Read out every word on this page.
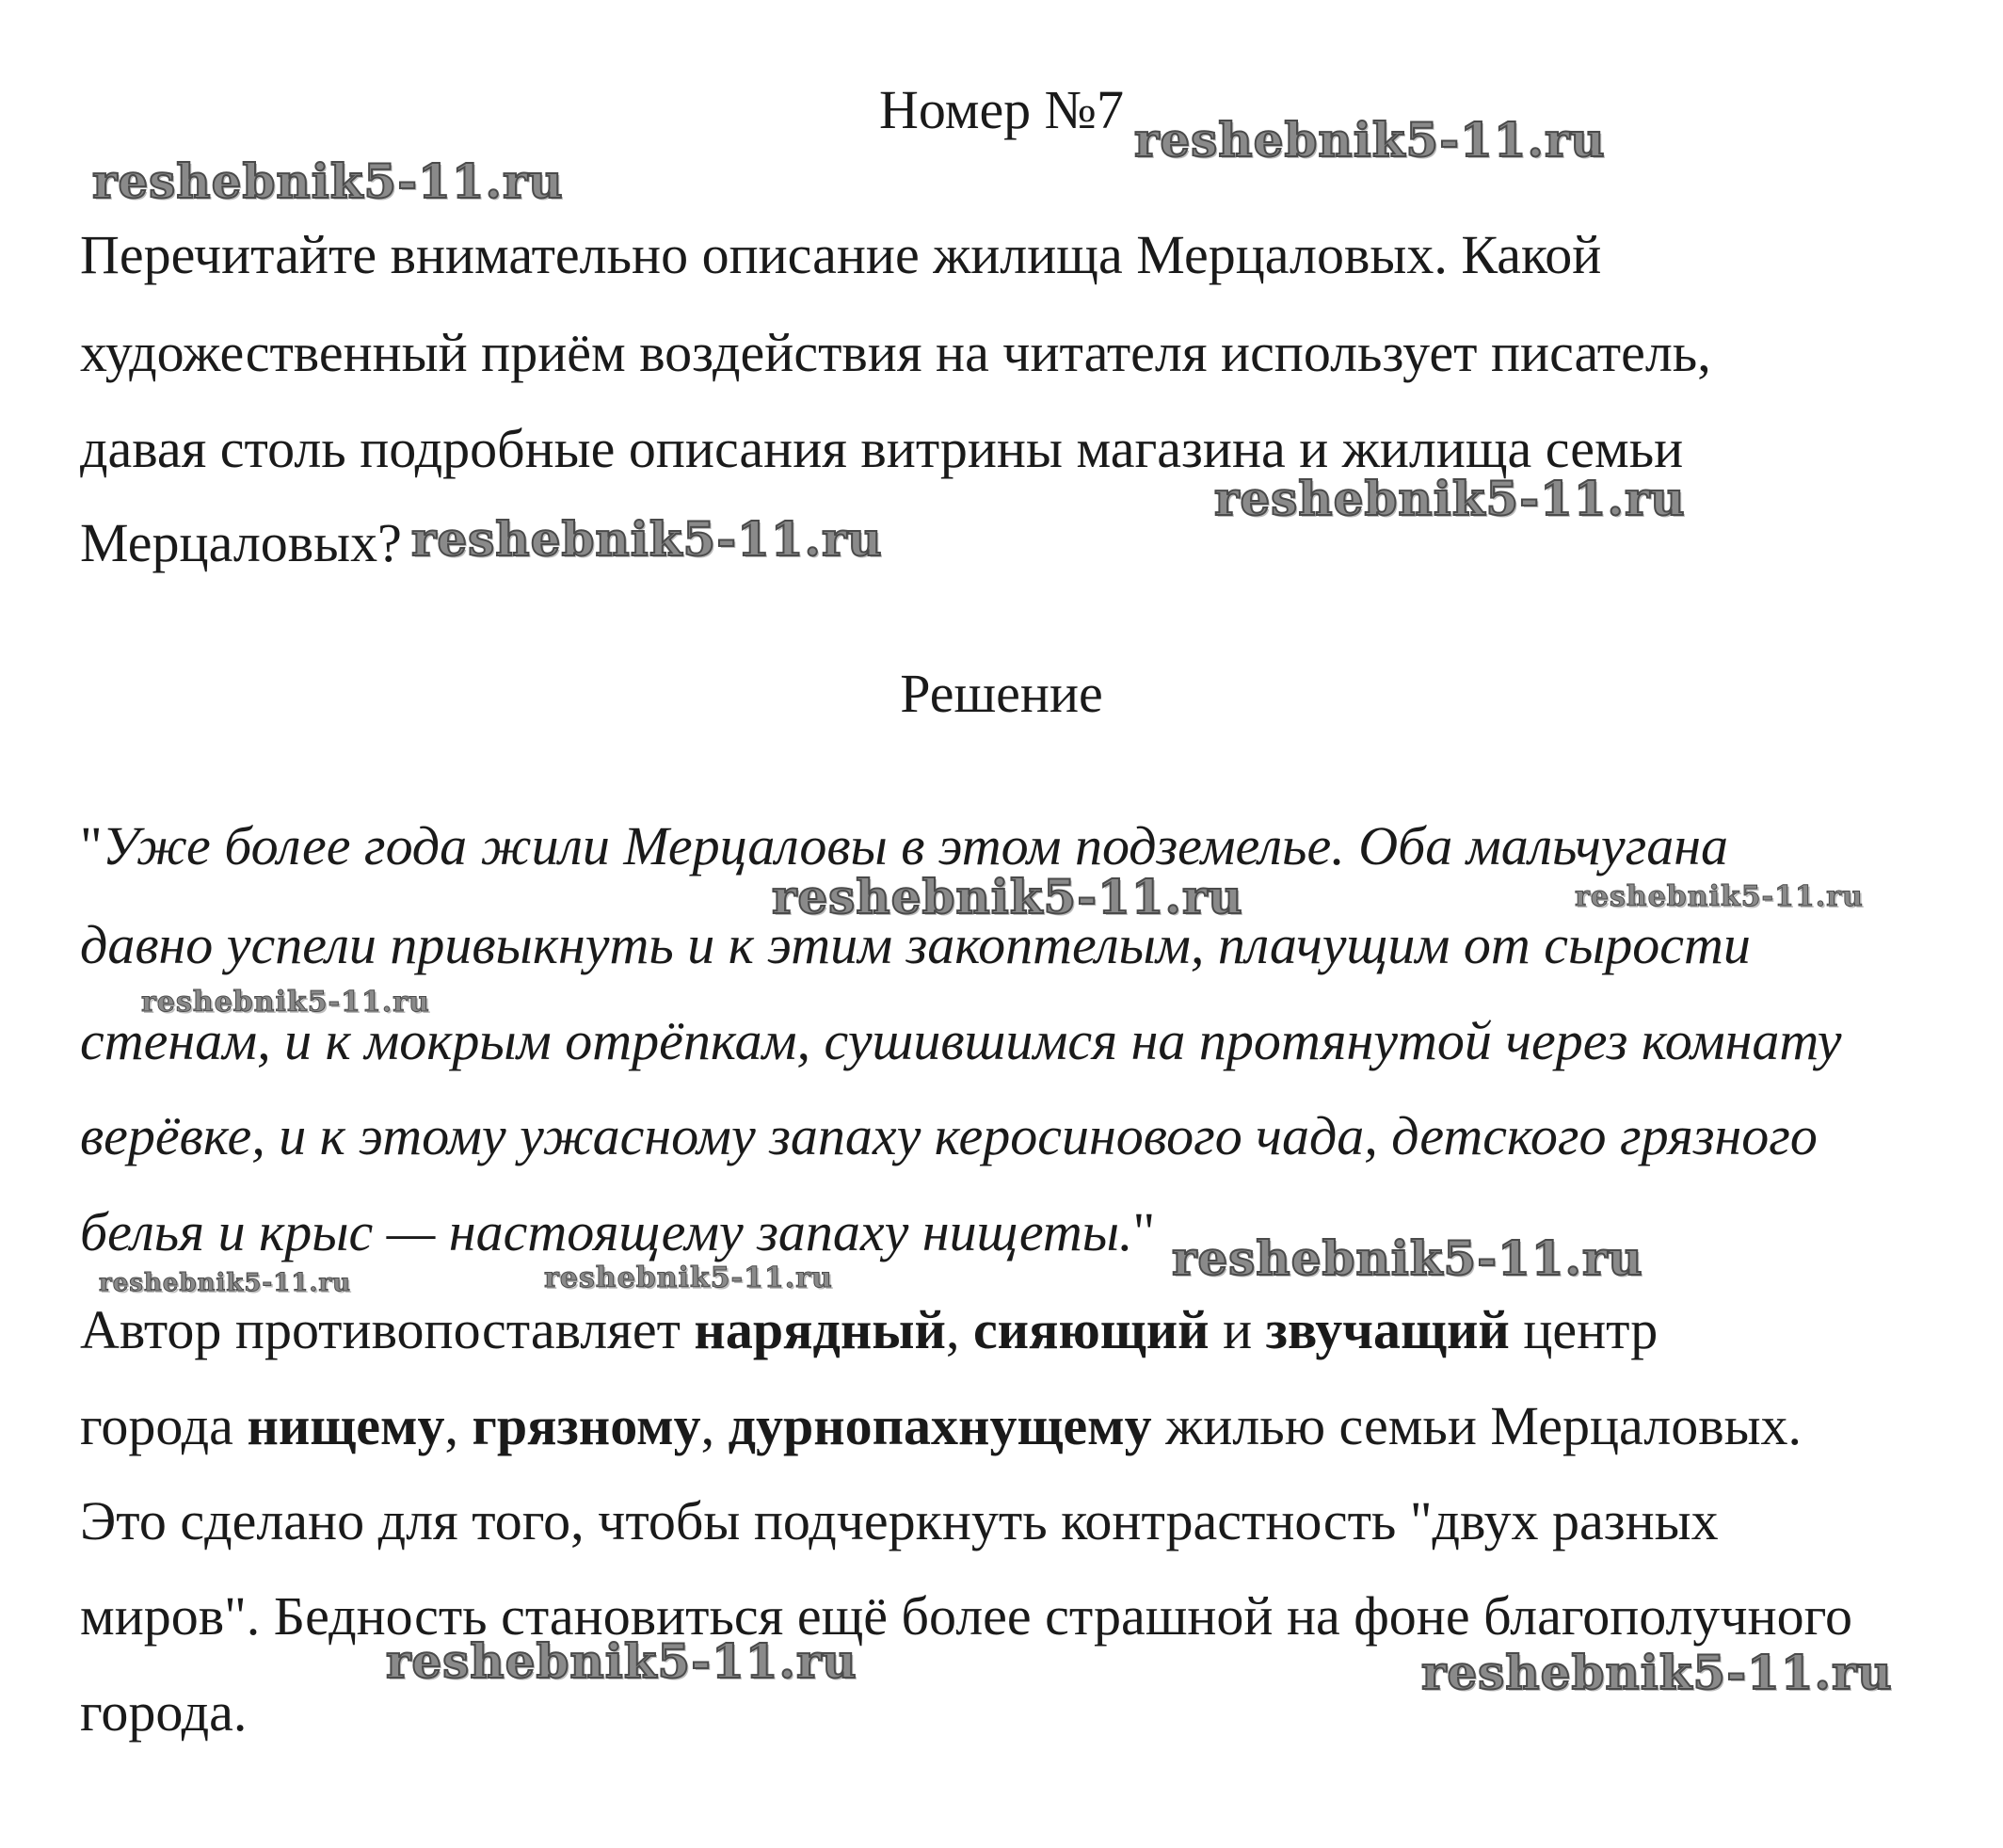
Номер №7
Перечитайте внимательно описание жилища Мерцаловых. Какой
художественный приём воздействия на читателя использует писатель,
давая столь подробные описания витрины магазина и жилища семьи
Мерцаловых?
Решение
"Уже более года жили Мерцаловы в этом подземелье. Оба мальчугана
давно успели привыкнуть и к этим закоптелым, плачущим от сырости
стенам, и к мокрым отрёпкам, сушившимся на протянутой через комнату
верёвке, и к этому ужасному запаху керосинового чада, детского грязного
белья и крыс — настоящему запаху нищеты."
Автор противопоставляет нарядный, сияющий и звучащий центр
города нищему, грязному, дурнопахнущему жилью семьи Мерцаловых.
Это сделано для того, чтобы подчеркнуть контрастность "двух разных
миров". Бедность становиться ещё более страшной на фоне благополучного
города.
reshebnik5-11.ru
reshebnik5-11.ru
reshebnik5-11.ru
reshebnik5-11.ru
reshebnik5-11.ru	reshebnik5-11.ru
reshebnik5-11.ru
reshebnik5-11.ru
reshebnik5-11.ru	reshebnik5-11.ru
reshebnik5-11.ru	reshebnik5-11.ru
